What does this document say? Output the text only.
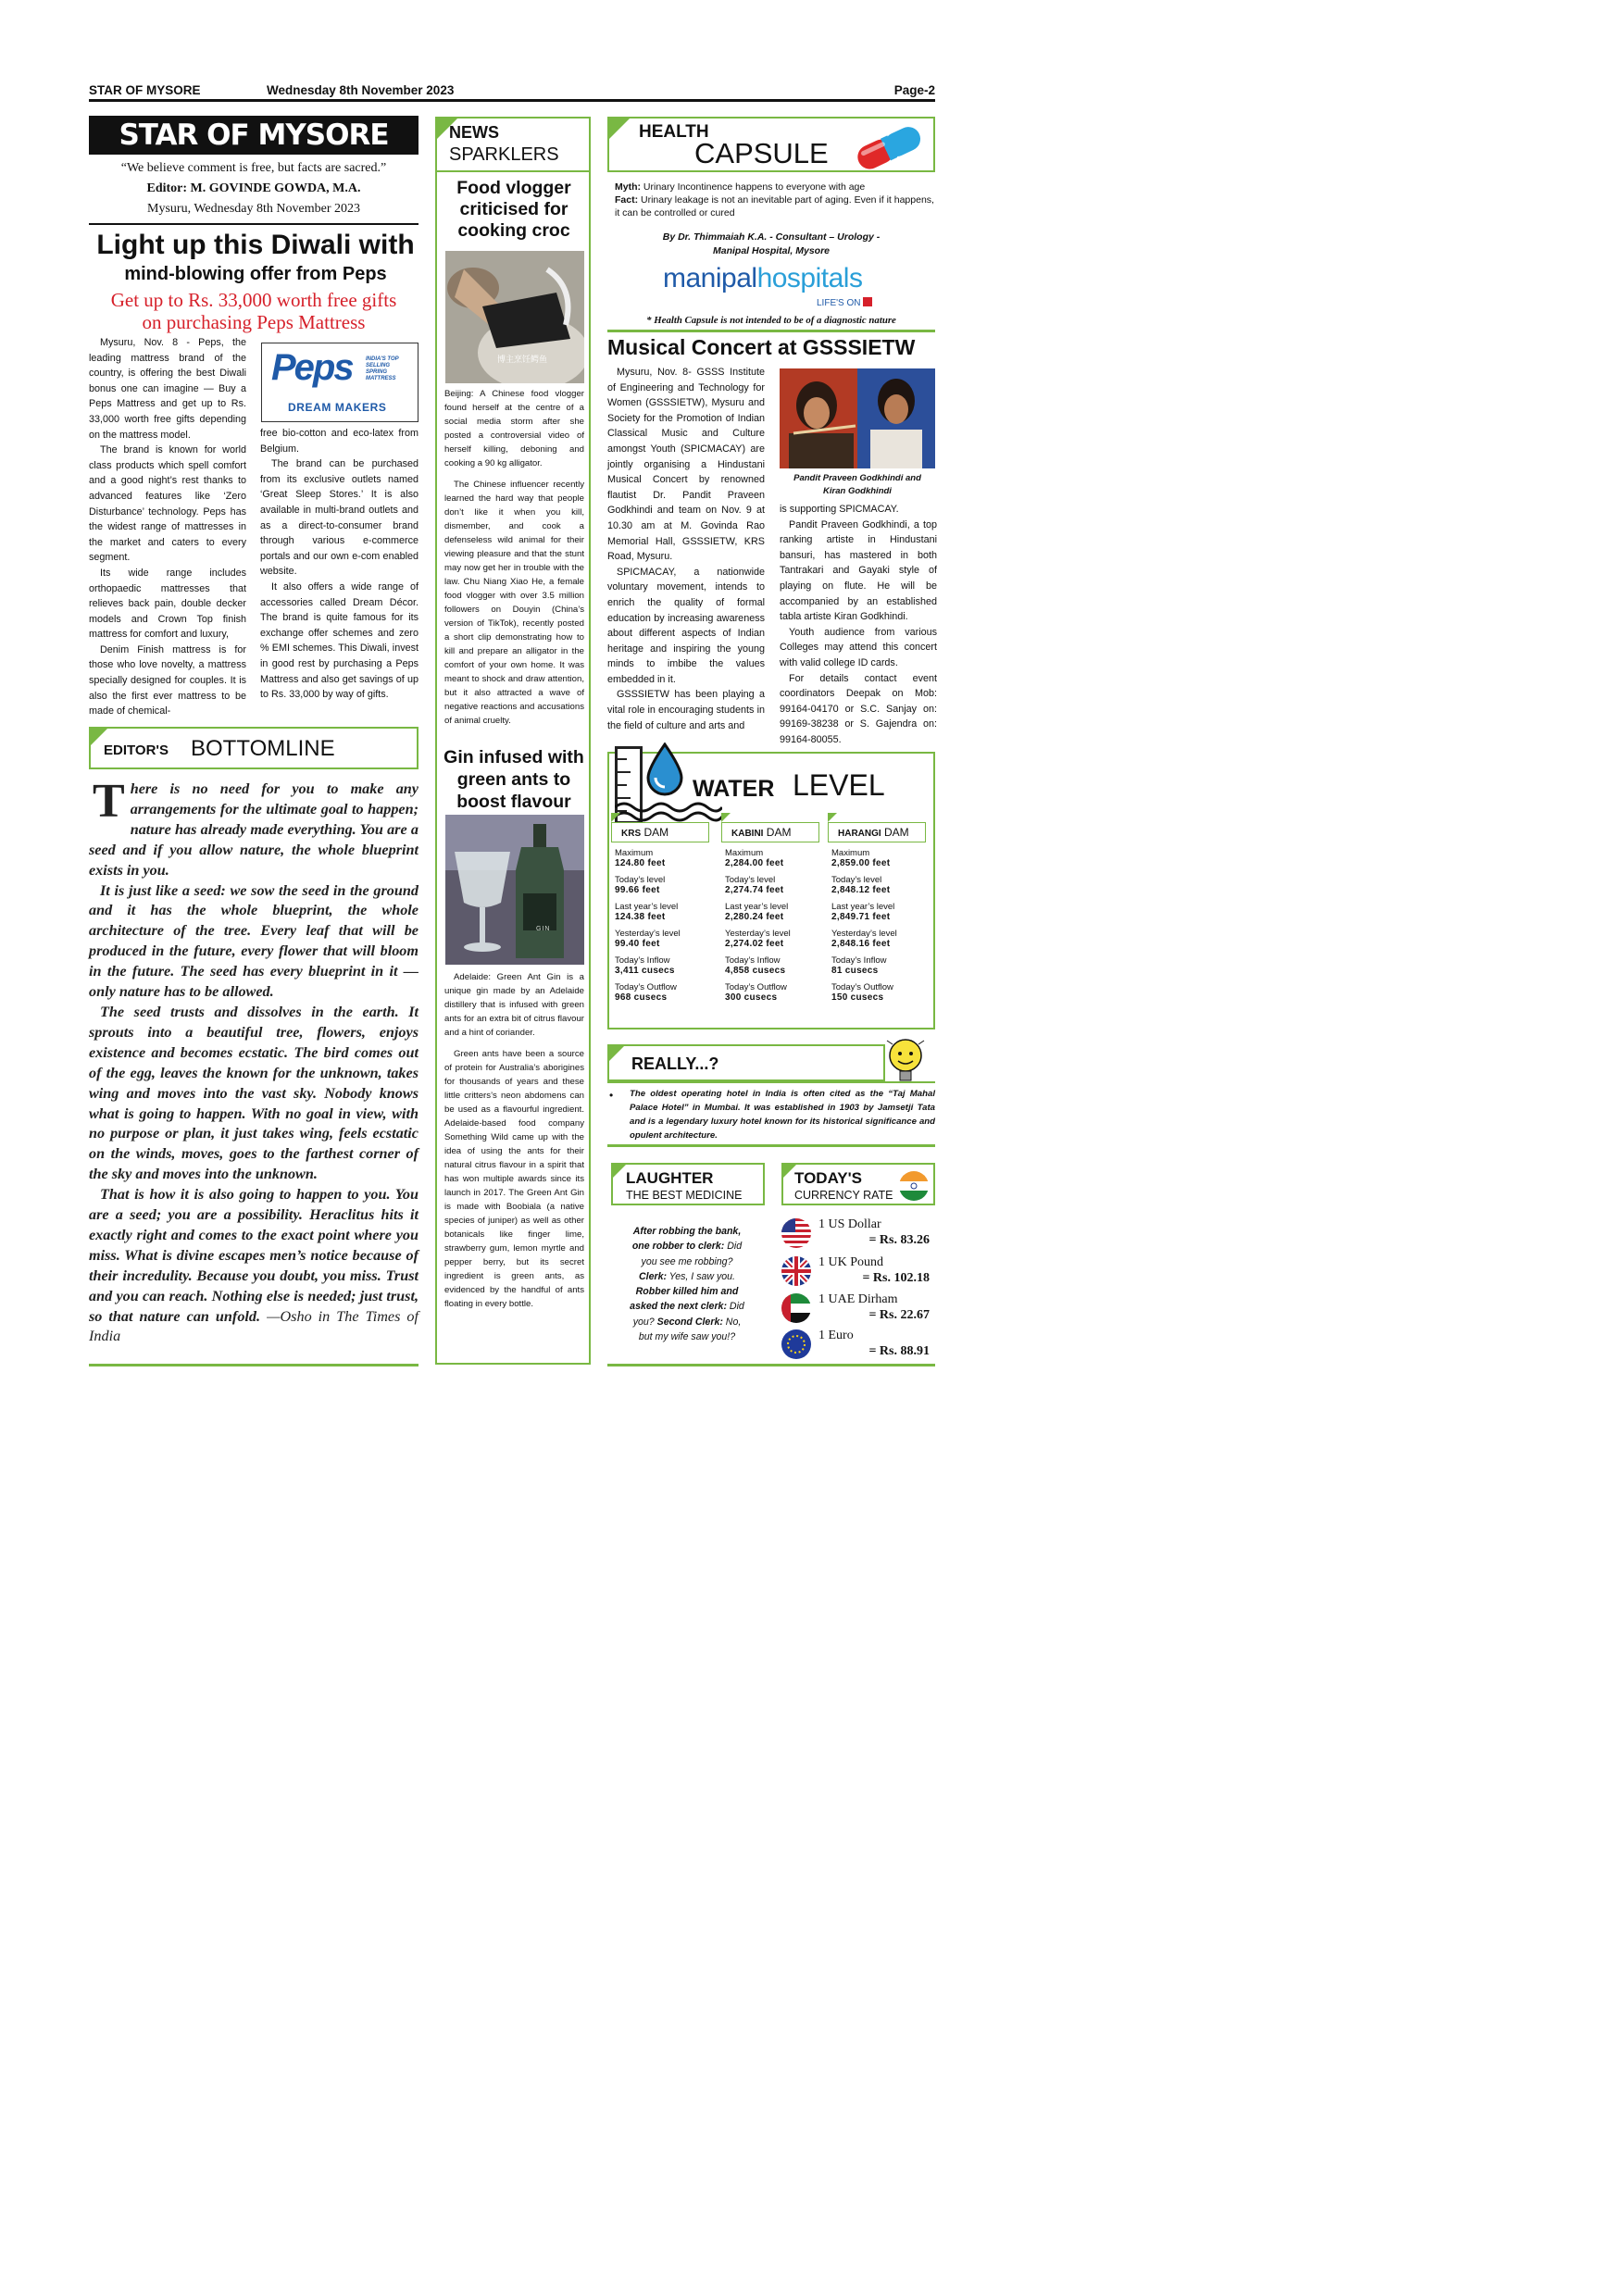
STAR OF MYSORE	Wednesday 8th November 2023	Page-2
STAR OF MYSORE
“We believe comment is free, but facts are sacred.”
Editor: M. GOVINDE GOWDA, M.A.
Mysuru, Wednesday 8th November 2023
Light up this Diwali with
mind-blowing offer from Peps
Get up to Rs. 33,000 worth free gifts
on purchasing Peps Mattress
Peps INDIA'S TOP SELLING SPRING MATTRESS
DREAM MAKERS

Mysuru, Nov. 8 - Peps, the leading mattress brand of the country, is offering the best Diwali bonus one can imagine — Buy a Peps Mattress and get up to Rs. 33,000 worth free gifts depending on the mattress model.

The brand is known for world class products which spell comfort and a good night’s rest thanks to advanced features like ‘Zero Disturbance’ technology. Peps has the widest range of mattresses in the market and caters to every segment.

Its wide range includes orthopaedic mattresses that relieves back pain, double decker models and Crown Top finish mattress for comfort and luxury,

Denim Finish mattress is for those who love novelty, a mattress specially designed for couples. It is also the first ever mattress to be made of chemical-

free bio-cotton and eco-latex from Belgium.

The brand can be purchased from its exclusive outlets named ‘Great Sleep Stores.’ It is also available in multi-brand outlets and as a direct-to-consumer brand through various e-commerce portals and our own e-com enabled website.

It also offers a wide range of accessories called Dream Décor. The brand is quite famous for its exchange offer schemes and zero % EMI schemes. This Diwali, invest in good rest by purchasing a Peps Mattress and also get savings of up to Rs. 33,000 by way of gifts.

EDITOR'S BOTTOMLINE

There is no need for you to make any arrangements for the ultimate goal to happen; nature has already made everything. You are a seed and if you allow nature, the whole blueprint exists in you.

It is just like a seed: we sow the seed in the ground and it has the whole blueprint, the whole architecture of the tree. Every leaf that will be produced in the future, every flower that will bloom in the future. The seed has every blueprint in it — only nature has to be allowed.

The seed trusts and dissolves in the earth. It sprouts into a beautiful tree, flowers, enjoys existence and becomes ecstatic. The bird comes out of the egg, leaves the known for the unknown, takes wing and moves into the vast sky. Nobody knows what is going to happen. With no goal in view, with no purpose or plan, it just takes wing, feels ecstatic on the winds, moves, goes to the farthest corner of the sky and moves into the unknown.

That is how it is also going to happen to you. You are a seed; you are a possibility. Heraclitus hits it exactly right and comes to the exact point where you miss. What is divine escapes men’s notice because of their incredulity. Because you doubt, you miss. Trust and you can reach. Nothing else is needed; just trust, so that nature can unfold. —Osho in The Times of India

NEWS
SPARKLERS
Food vlogger criticised for cooking croc
博主烹饪鳄鱼

Beijing: A Chinese food vlogger found herself at the centre of a social media storm after she posted a controversial video of herself killing, deboning and cooking a 90 kg alligator.

The Chinese influencer recently learned the hard way that people don’t like it when you kill, dismember, and cook a defenseless wild animal for their viewing pleasure and that the stunt may now get her in trouble with the law. Chu Niang Xiao He, a female food vlogger with over 3.5 million followers on Douyin (China’s version of TikTok), recently posted a short clip demonstrating how to kill and prepare an alligator in the comfort of your own home. It was meant to shock and draw attention, but it also attracted a wave of negative reactions and accusations of animal cruelty.

Gin infused with green ants to boost flavour
GIN

Adelaide: Green Ant Gin is a unique gin made by an Adelaide distillery that is infused with green ants for an extra bit of citrus flavour and a hint of coriander.

Green ants have been a source of protein for Australia’s aborigines for thousands of years and these little critters’s neon abdomens can be used as a flavourful ingredient. Adelaide-based food company Something Wild came up with the idea of using the ants for their natural citrus flavour in a spirit that has won multiple awards since its launch in 2017. The Green Ant Gin is made with Boobiala (a native species of juniper) as well as other botanicals like finger lime, strawberry gum, lemon myrtle and pepper berry, but its secret ingredient is green ants, as evidenced by the handful of ants floating in every bottle.

HEALTH
CAPSULE
Myth: Urinary Incontinence happens to everyone with age
Fact: Urinary leakage is not an inevitable part of aging. Even if it happens, it can be controlled or cured
By Dr. Thimmaiah K.A. - Consultant – Urology -
Manipal Hospital, Mysore
manipalhospitals
LIFE'S ON
* Health Capsule is not intended to be of a diagnostic nature
Musical Concert at GSSSIETW
Pandit Praveen Godkhindi and
Kiran Godkhindi

Mysuru, Nov. 8- GSSS Institute of Engineering and Technology for Women (GSSSIETW), Mysuru and Society for the Promotion of Indian Classical Music and Culture amongst Youth (SPICMACAY) are jointly organising a Hindustani Musical Concert by renowned flautist Dr. Pandit Praveen Godkhindi and team on Nov. 9 at 10.30 am at M. Govinda Rao Memorial Hall, GSSSIETW, KRS Road, Mysuru.

SPICMACAY, a nationwide voluntary movement, intends to enrich the quality of formal education by increasing awareness about different aspects of Indian heritage and inspiring the young minds to imbibe the values embedded in it.

GSSSIETW has been playing a vital role in encouraging students in the field of culture and arts and

is supporting SPICMACAY.

Pandit Praveen Godkhindi, a top ranking artiste in Hindustani bansuri, has mastered in both Tantrakari and Gayaki style of playing on flute. He will be accompanied by an established tabla artiste Kiran Godkhindi.

Youth audience from various Colleges may attend this concert with valid college ID cards.

For details contact event coordinators Deepak on Mob: 99164-04170 or S.C. Sanjay on: 99169-38238 or S. Gajendra on: 99164-80055.

WATER LEVEL
KRS DAM
Maximum
124.80 feet
Today’s level
99.66 feet
Last year’s level
124.38 feet
Yesterday’s level
99.40 feet
Today’s Inflow
3,411 cusecs
Today’s Outflow
968 cusecs
KABINI DAM
Maximum
2,284.00 feet
Today’s level
2,274.74 feet
Last year’s level
2,280.24 feet
Yesterday’s level
2,274.02 feet
Today’s Inflow
4,858 cusecs
Today’s Outflow
300 cusecs
HARANGI DAM
Maximum
2,859.00 feet
Today’s level
2,848.12 feet
Last year’s level
2,849.71 feet
Yesterday’s level
2,848.16 feet
Today’s Inflow
81 cusecs
Today’s Outflow
150 cusecs
REALLY...?
• The oldest operating hotel in India is often cited as the “Taj Mahal Palace Hotel” in Mumbai. It was established in 1903 by Jamsetji Tata and is a legendary luxury hotel known for its historical significance and opulent architecture.
LAUGHTER
THE BEST MEDICINE
After robbing the bank,
one robber to clerk: Did
you see me robbing?
Clerk: Yes, I saw you.
Robber killed him and
asked the next clerk: Did
you? Second Clerk: No,
but my wife saw you!?
TODAY'S
CURRENCY RATE
1 US Dollar
= Rs. 83.26
1 UK Pound
= Rs. 102.18
1 UAE Dirham
= Rs. 22.67
1 Euro
= Rs. 88.91
